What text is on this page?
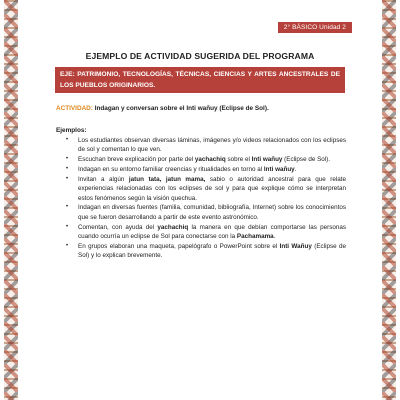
2° BÁSICO Unidad 2
EJEMPLO DE ACTIVIDAD SUGERIDA DEL PROGRAMA
EJE: PATRIMONIO, TECNOLOGÍAS, TÉCNICAS, CIENCIAS Y ARTES ANCESTRALES DE LOS PUEBLOS ORIGINARIOS.
ACTIVIDAD: Indagan y conversan sobre el Inti wañuy (Eclipse de Sol).
Ejemplos:
• Los estudiantes observan diversas láminas, imágenes y/o videos relacionados con los eclipses de sol y comentan lo que ven.
• Escuchan breve explicación por parte del yachachiq sobre el Inti wañuy (Eclipse de Sol).
• Indagan en su entorno familiar creencias y ritualidades en torno al Inti wañuy.
• Invitan a algún jatun tata, jatun mama, sabio o autoridad ancestral para que relate experiencias relacionadas con los eclipses de sol y para que explique cómo se interpretan estos fenómenos según la visión quechua.
• Indagan en diversas fuentes (familia, comunidad, bibliografía, Internet) sobre los conocimientos que se fueron desarrollando a partir de este evento astronómico.
• Comentan, con ayuda del yachachiq la manera en que debían comportarse las personas cuando ocurría un eclipse de Sol para conectarse con la Pachamama.
• En grupos elaboran una maqueta, papelógrafo o PowerPoint sobre el Inti Wañuy (Eclipse de Sol) y lo explican brevemente.
